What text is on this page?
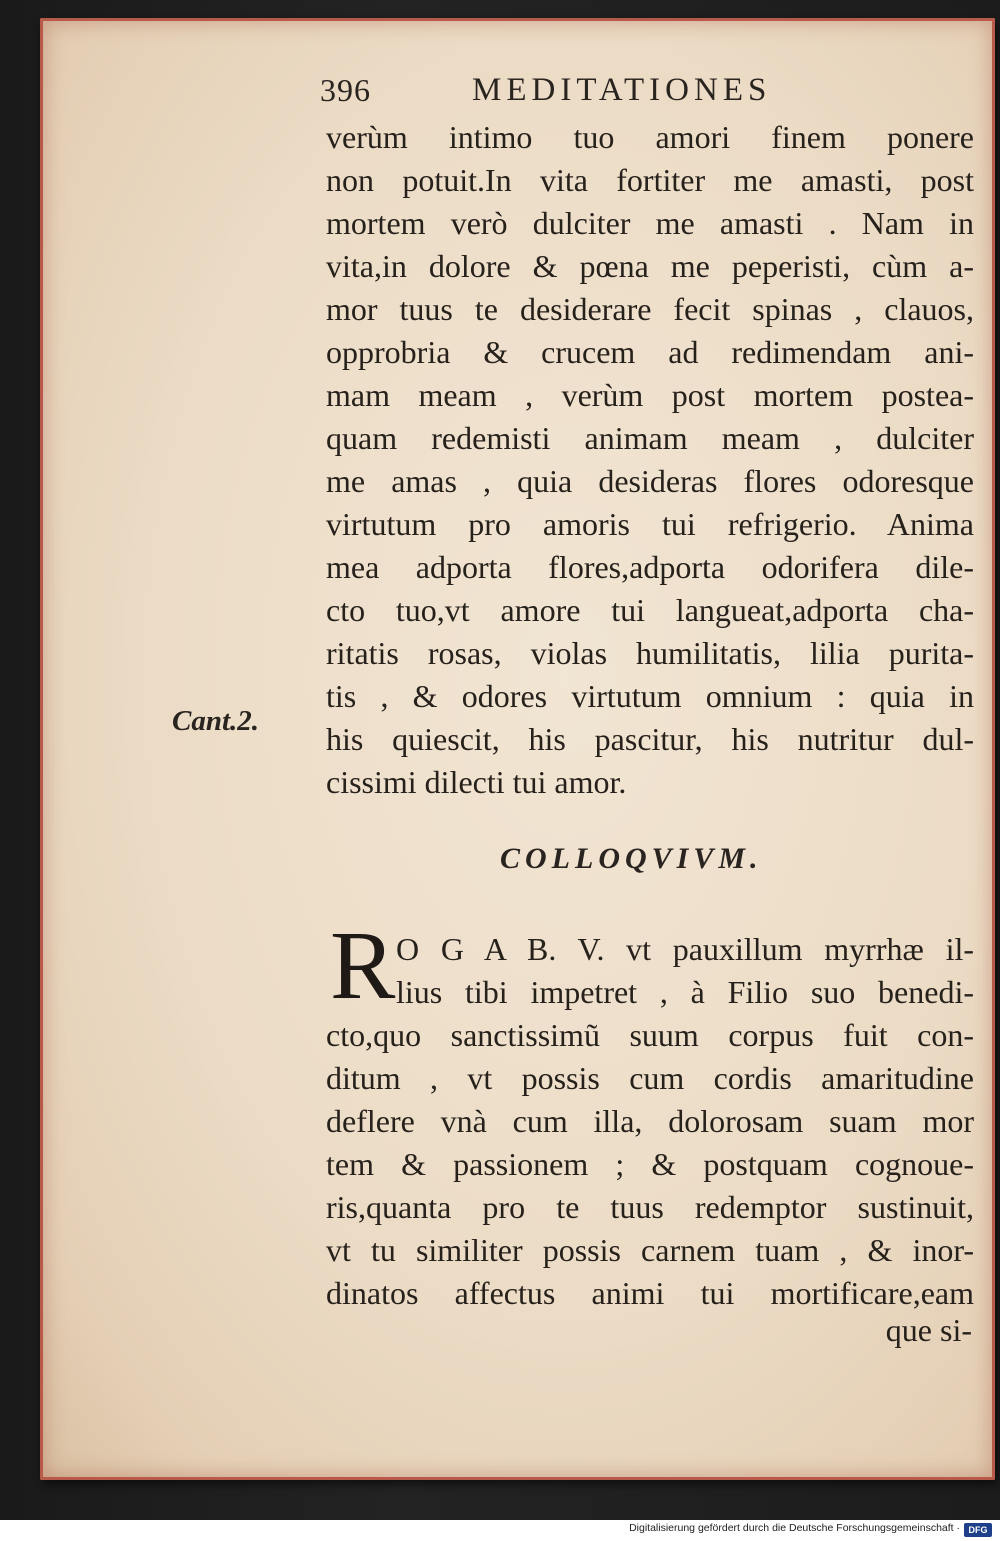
396	MEDITATIONES
verùm intimo tuo amori finem ponere
non potuit.In vita fortiter me amasti, post
mortem verò dulciter me amasti . Nam in
vita,in dolore & pœna me peperisti, cùm a-
mor tuus te desiderare fecit spinas , clauos,
opprobria & crucem ad redimendam ani-
mam meam , verùm post mortem postea-
quam redemisti animam meam , dulciter
me amas , quia desideras flores odoresque
virtutum pro amoris tui refrigerio. Anima
mea adporta flores,adporta odorifera dile-
cto tuo,vt amore tui langueat,adporta cha-
ritatis rosas, violas humilitatis, lilia purita-
tis , & odores virtutum omnium : quia in
his quiescit, his pascitur, his nutritur dul-
cissimi dilecti tui amor.
Cant.2.
COLLOQVIVM.
R O G A B. V. vt pauxillum myrrhæ il-
lius tibi impetret , à Filio suo benedi-
cto,quo sanctissimũ suum corpus fuit con-
ditum , vt possis cum cordis amaritudine
deflere vnà cum illa, dolorosam suam mor
tem & passionem ; & postquam cognoue-
ris,quanta pro te tuus redemptor sustinuit,
vt tu similiter possis carnem tuam , & inor-
dinatos affectus animi tui mortificare,eam
que si-
Digitalisierung gefördert durch die Deutsche Forschungsgemeinschaft · DFG
